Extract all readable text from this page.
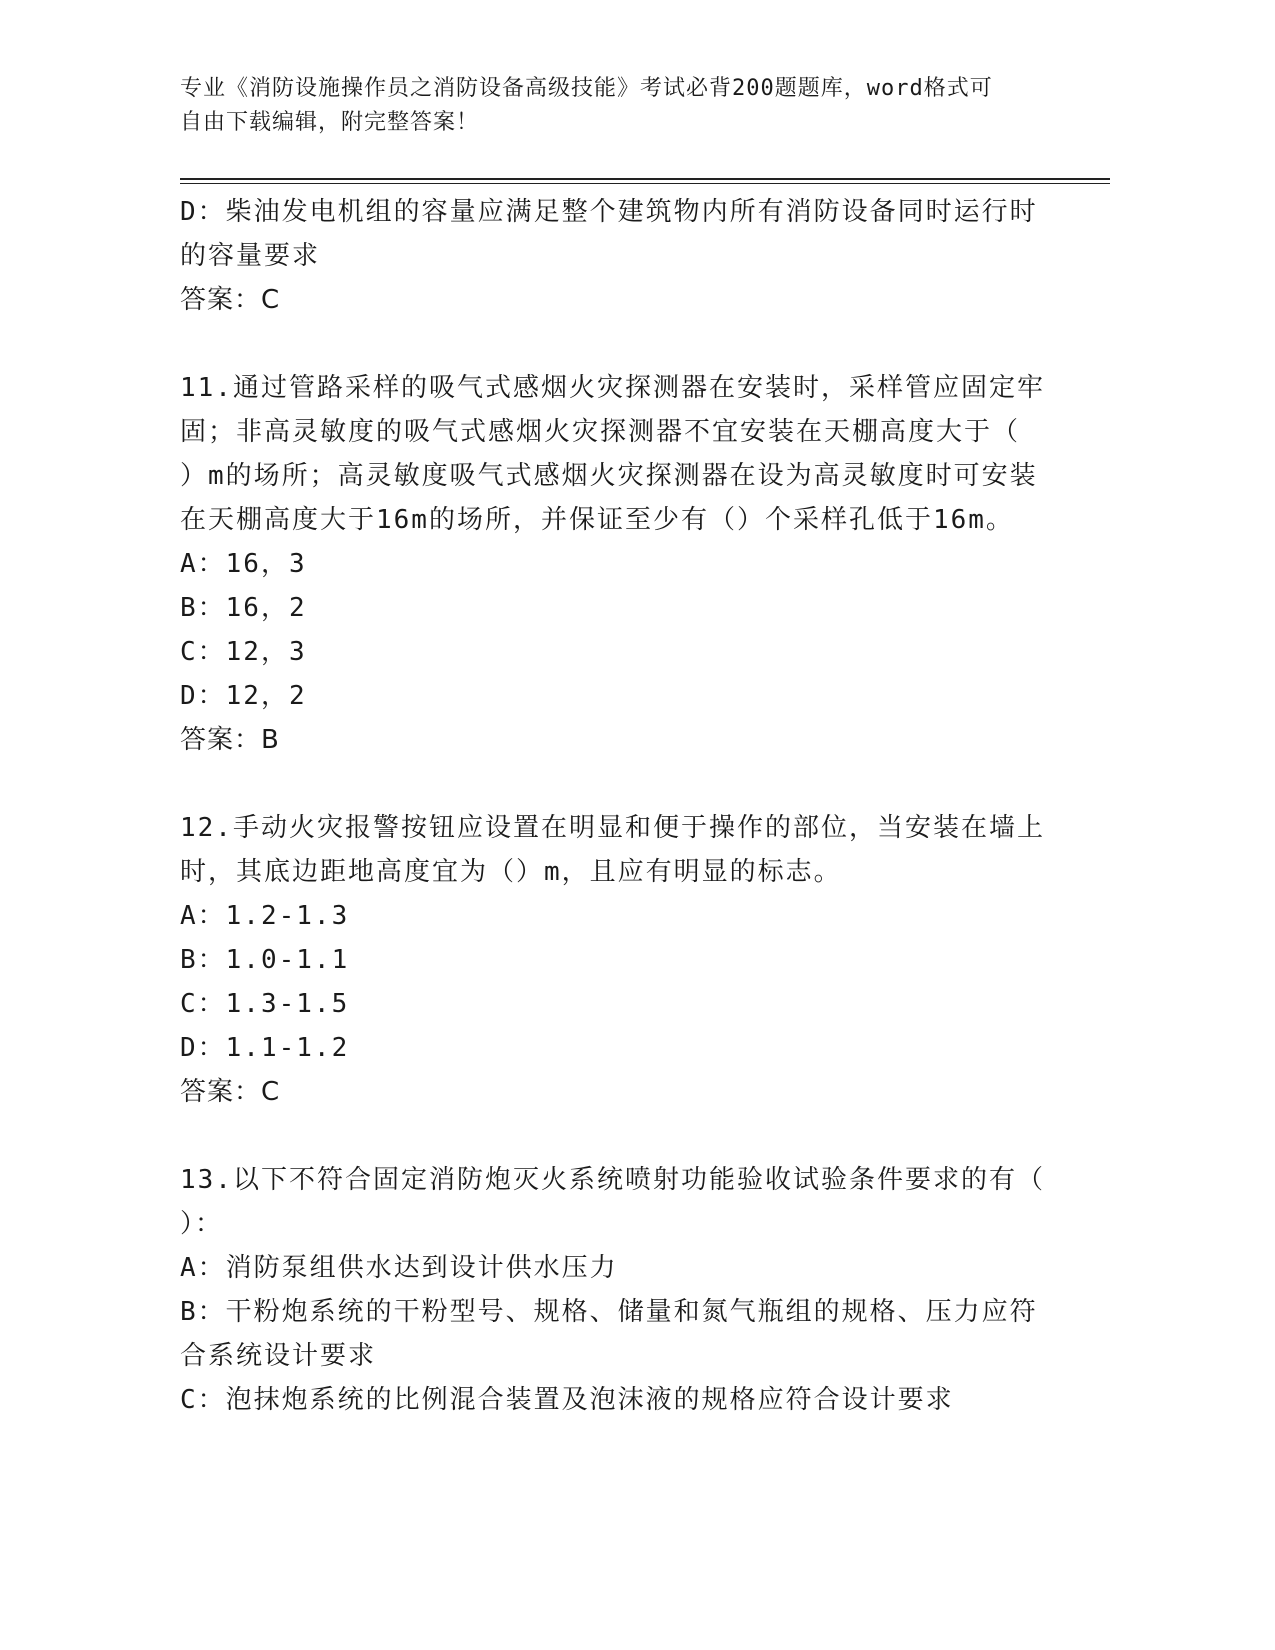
专业《消防设施操作员之消防设备高级技能》考试必背200题题库，word格式可
自由下载编辑，附完整答案！
D：柴油发电机组的容量应满足整个建筑物内所有消防设备同时运行时
的容量要求
答案：C
11.通过管路采样的吸气式感烟火灾探测器在安装时，采样管应固定牢
固；非高灵敏度的吸气式感烟火灾探测器不宜安装在天棚高度大于（
）m的场所；高灵敏度吸气式感烟火灾探测器在设为高灵敏度时可安装
在天棚高度大于16m的场所，并保证至少有（）个采样孔低于16m。
A：16，3
B：16，2
C：12，3
D：12，2
答案：B
12.手动火灾报警按钮应设置在明显和便于操作的部位，当安装在墙上
时，其底边距地高度宜为（）m，且应有明显的标志。
A：1.2-1.3
B：1.0-1.1
C：1.3-1.5
D：1.1-1.2
答案：C
13.以下不符合固定消防炮灭火系统喷射功能验收试验条件要求的有（
）：
A：消防泵组供水达到设计供水压力
B：干粉炮系统的干粉型号、规格、储量和氮气瓶组的规格、压力应符
合系统设计要求
C：泡抹炮系统的比例混合装置及泡沫液的规格应符合设计要求
